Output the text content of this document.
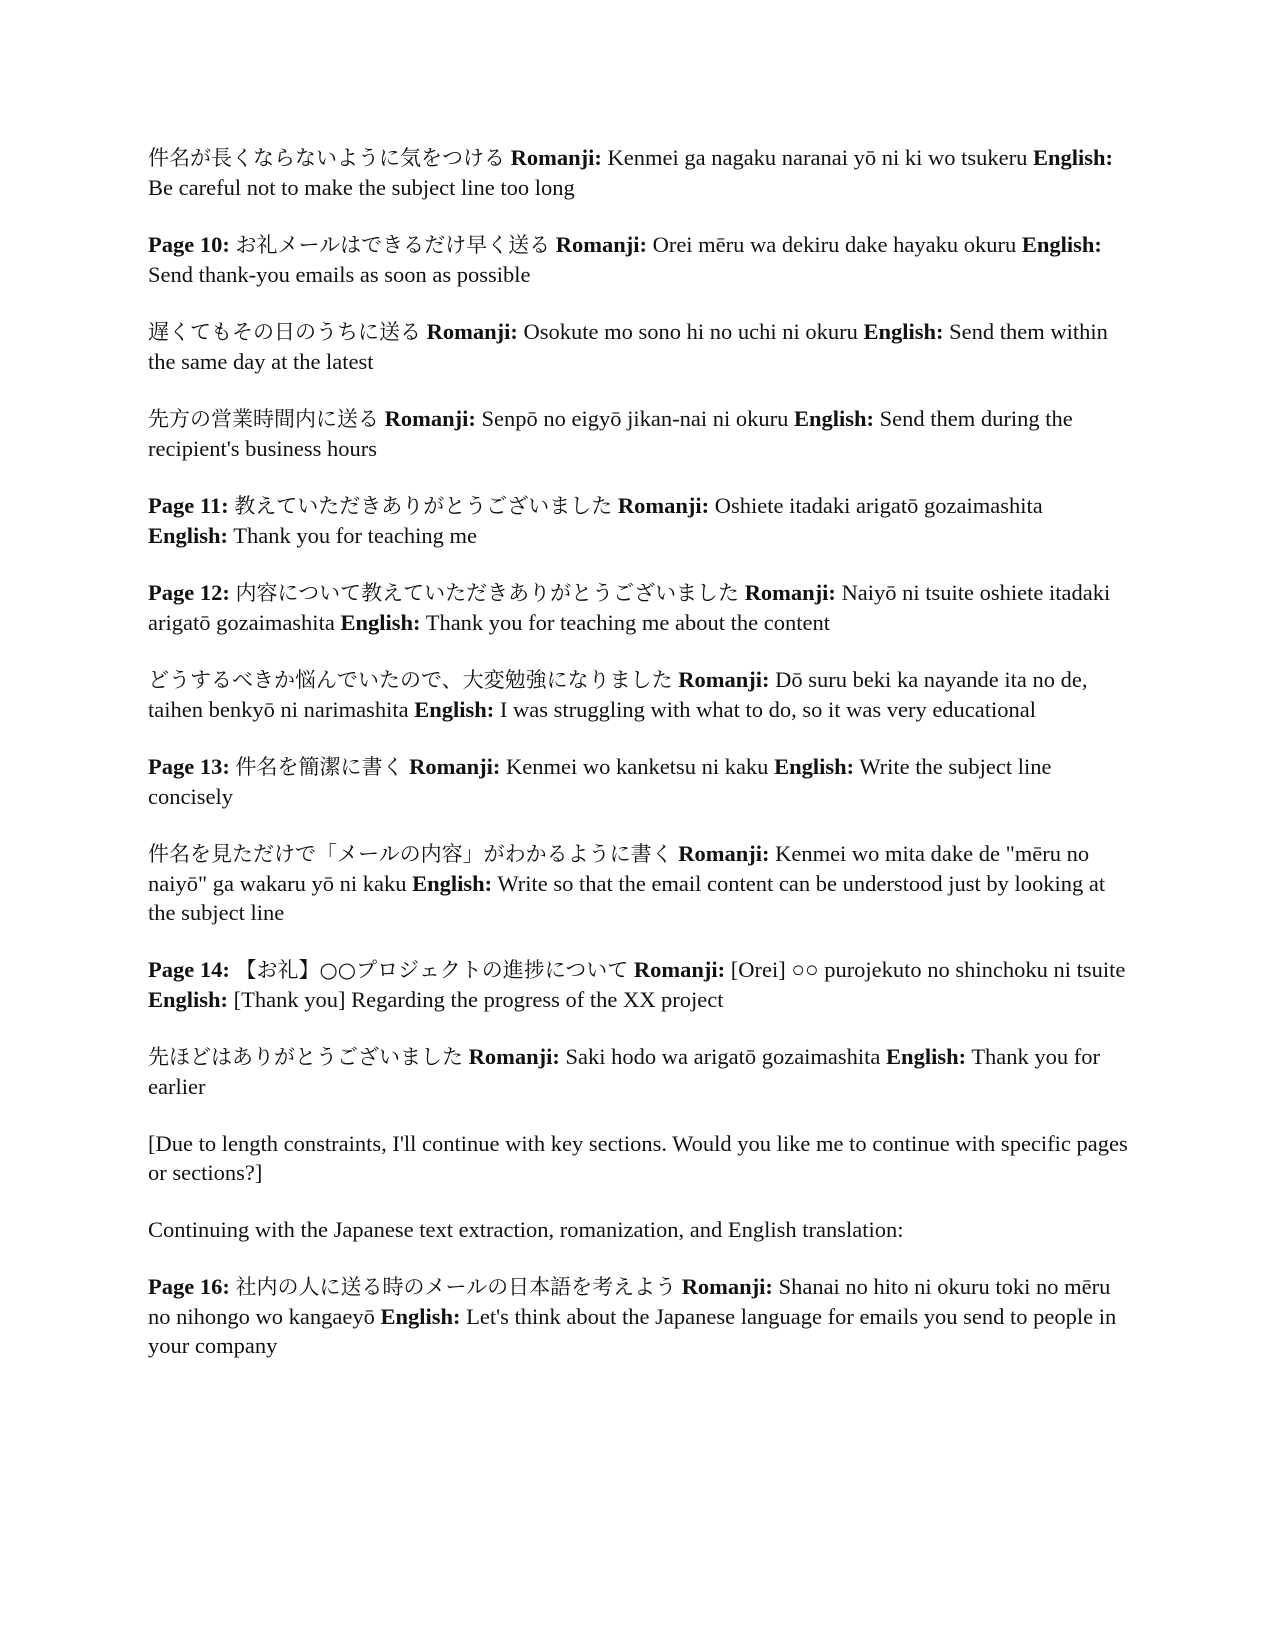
件名が長くならないように気をつける Romanji: Kenmei ga nagaku naranai yō ni ki wo tsukeru English: Be careful not to make the subject line too long

Page 10: お礼メールはできるだけ早く送る Romanji: Orei mēru wa dekiru dake hayaku okuru English: Send thank-you emails as soon as possible

遅くてもその日のうちに送る Romanji: Osokute mo sono hi no uchi ni okuru English: Send them within the same day at the latest

先方の営業時間内に送る Romanji: Senpō no eigyō jikan-nai ni okuru English: Send them during the recipient's business hours

Page 11: 教えていただきありがとうございました Romanji: Oshiete itadaki arigatō gozaimashita English: Thank you for teaching me

Page 12: 内容について教えていただきありがとうございました Romanji: Naiyō ni tsuite oshiete itadaki arigatō gozaimashita English: Thank you for teaching me about the content

どうするべきか悩んでいたので、大変勉強になりました Romanji: Dō suru beki ka nayande ita no de, taihen benkyō ni narimashita English: I was struggling with what to do, so it was very educational

Page 13: 件名を簡潔に書く Romanji: Kenmei wo kanketsu ni kaku English: Write the subject line concisely

件名を見ただけで「メールの内容」がわかるように書く Romanji: Kenmei wo mita dake de "mēru no naiyō" ga wakaru yō ni kaku English: Write so that the email content can be understood just by looking at the subject line

Page 14: 【お礼】○○プロジェクトの進捗について Romanji: [Orei] ○○ purojekuto no shinchoku ni tsuite English: [Thank you] Regarding the progress of the XX project

先ほどはありがとうございました Romanji: Saki hodo wa arigatō gozaimashita English: Thank you for earlier

[Due to length constraints, I'll continue with key sections. Would you like me to continue with specific pages or sections?]

Continuing with the Japanese text extraction, romanization, and English translation:

Page 16: 社内の人に送る時のメールの日本語を考えよう Romanji: Shanai no hito ni okuru toki no mēru no nihongo wo kangaeyō English: Let's think about the Japanese language for emails you send to people in your company
